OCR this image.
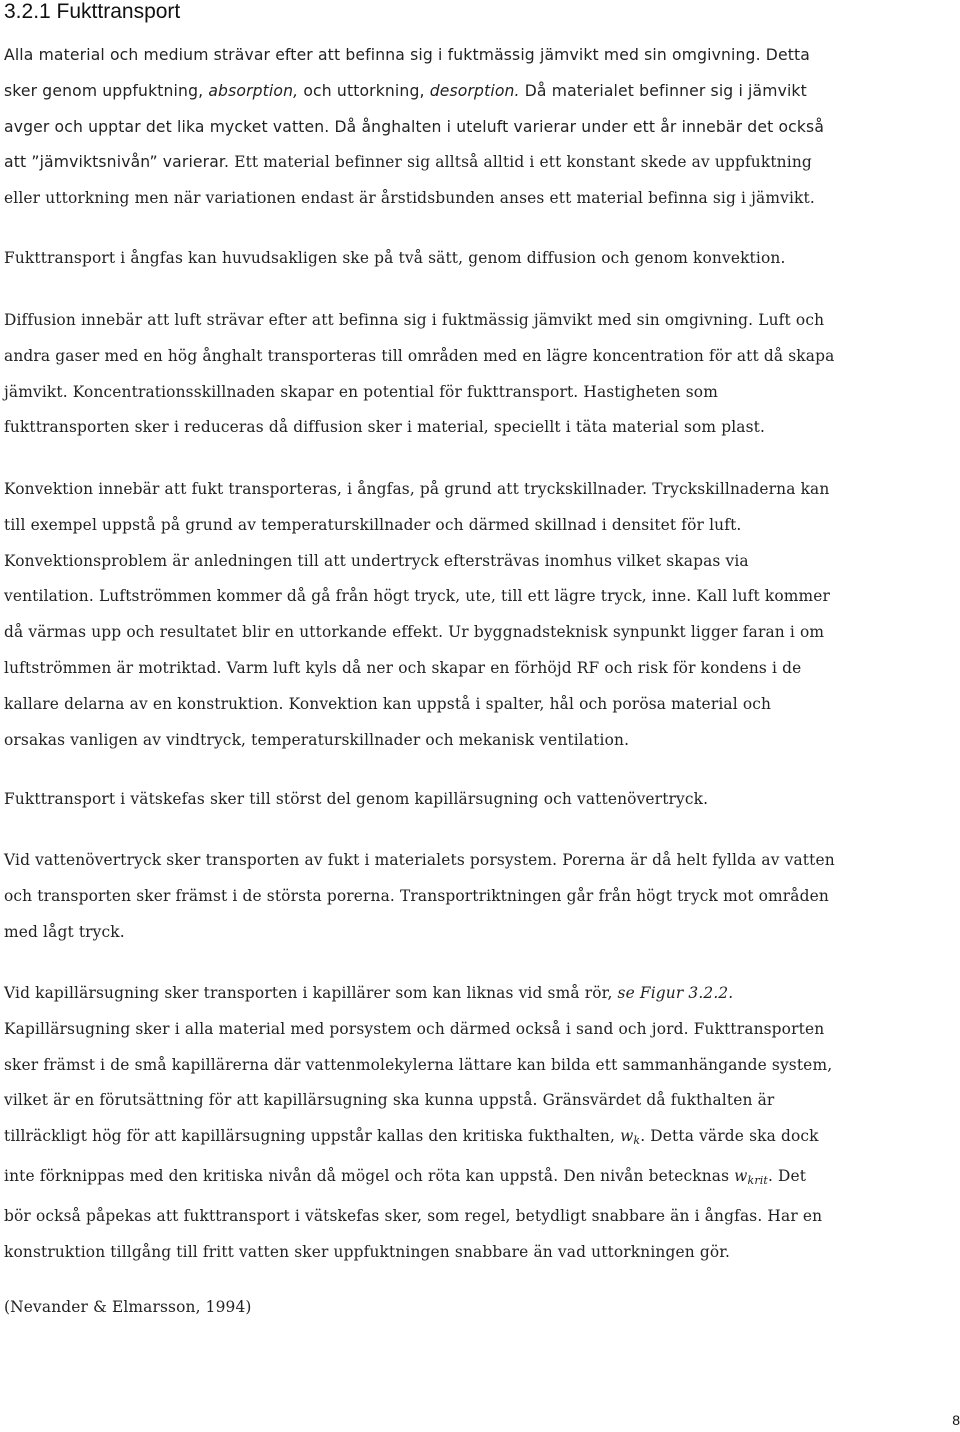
3.2.1 Fukttransport

Alla material och medium strävar efter att befinna sig i fuktmässig jämvikt med sin omgivning. Detta
sker genom uppfuktning, absorption, och uttorkning, desorption. Då materialet befinner sig i jämvikt
avger och upptar det lika mycket vatten. Då ånghalten i uteluft varierar under ett år innebär det också
att ”jämviktsnivån” varierar. Ett material befinner sig alltså alltid i ett konstant skede av uppfuktning
eller uttorkning men när variationen endast är årstidsbunden anses ett material befinna sig i jämvikt.

Fukttransport i ångfas kan huvudsakligen ske på två sätt, genom diffusion och genom konvektion.

Diffusion innebär att luft strävar efter att befinna sig i fuktmässig jämvikt med sin omgivning. Luft och
andra gaser med en hög ånghalt transporteras till områden med en lägre koncentration för att då skapa
jämvikt. Koncentrationsskillnaden skapar en potential för fukttransport. Hastigheten som
fukttransporten sker i reduceras då diffusion sker i material, speciellt i täta material som plast.

Konvektion innebär att fukt transporteras, i ångfas, på grund att tryckskillnader. Tryckskillnaderna kan
till exempel uppstå på grund av temperaturskillnader och därmed skillnad i densitet för luft.
Konvektionsproblem är anledningen till att undertryck eftersträvas inomhus vilket skapas via
ventilation. Luftströmmen kommer då gå från högt tryck, ute, till ett lägre tryck, inne. Kall luft kommer
då värmas upp och resultatet blir en uttorkande effekt. Ur byggnadsteknisk synpunkt ligger faran i om
luftströmmen är motriktad. Varm luft kyls då ner och skapar en förhöjd RF och risk för kondens i de
kallare delarna av en konstruktion. Konvektion kan uppstå i spalter, hål och porösa material och
orsakas vanligen av vindtryck, temperaturskillnader och mekanisk ventilation.

Fukttransport i vätskefas sker till störst del genom kapillärsugning och vattenövertryck.

Vid vattenövertryck sker transporten av fukt i materialets porsystem. Porerna är då helt fyllda av vatten
och transporten sker främst i de största porerna. Transportriktningen går från högt tryck mot områden
med lågt tryck.

Vid kapillärsugning sker transporten i kapillärer som kan liknas vid små rör, se Figur 3.2.2.
Kapillärsugning sker i alla material med porsystem och därmed också i sand och jord. Fukttransporten
sker främst i de små kapillärerna där vattenmolekylerna lättare kan bilda ett sammanhängande system,
vilket är en förutsättning för att kapillärsugning ska kunna uppstå. Gränsvärdet då fukthalten är
tillräckligt hög för att kapillärsugning uppstår kallas den kritiska fukthalten, $w_k$. Detta värde ska dock
inte förknippas med den kritiska nivån då mögel och röta kan uppstå. Den nivån betecknas $w_{krit}$. Det
bör också påpekas att fukttransport i vätskefas sker, som regel, betydligt snabbare än i ångfas. Har en
konstruktion tillgång till fritt vatten sker uppfuktningen snabbare än vad uttorkningen gör.

(Nevander & Elmarsson, 1994)

8
